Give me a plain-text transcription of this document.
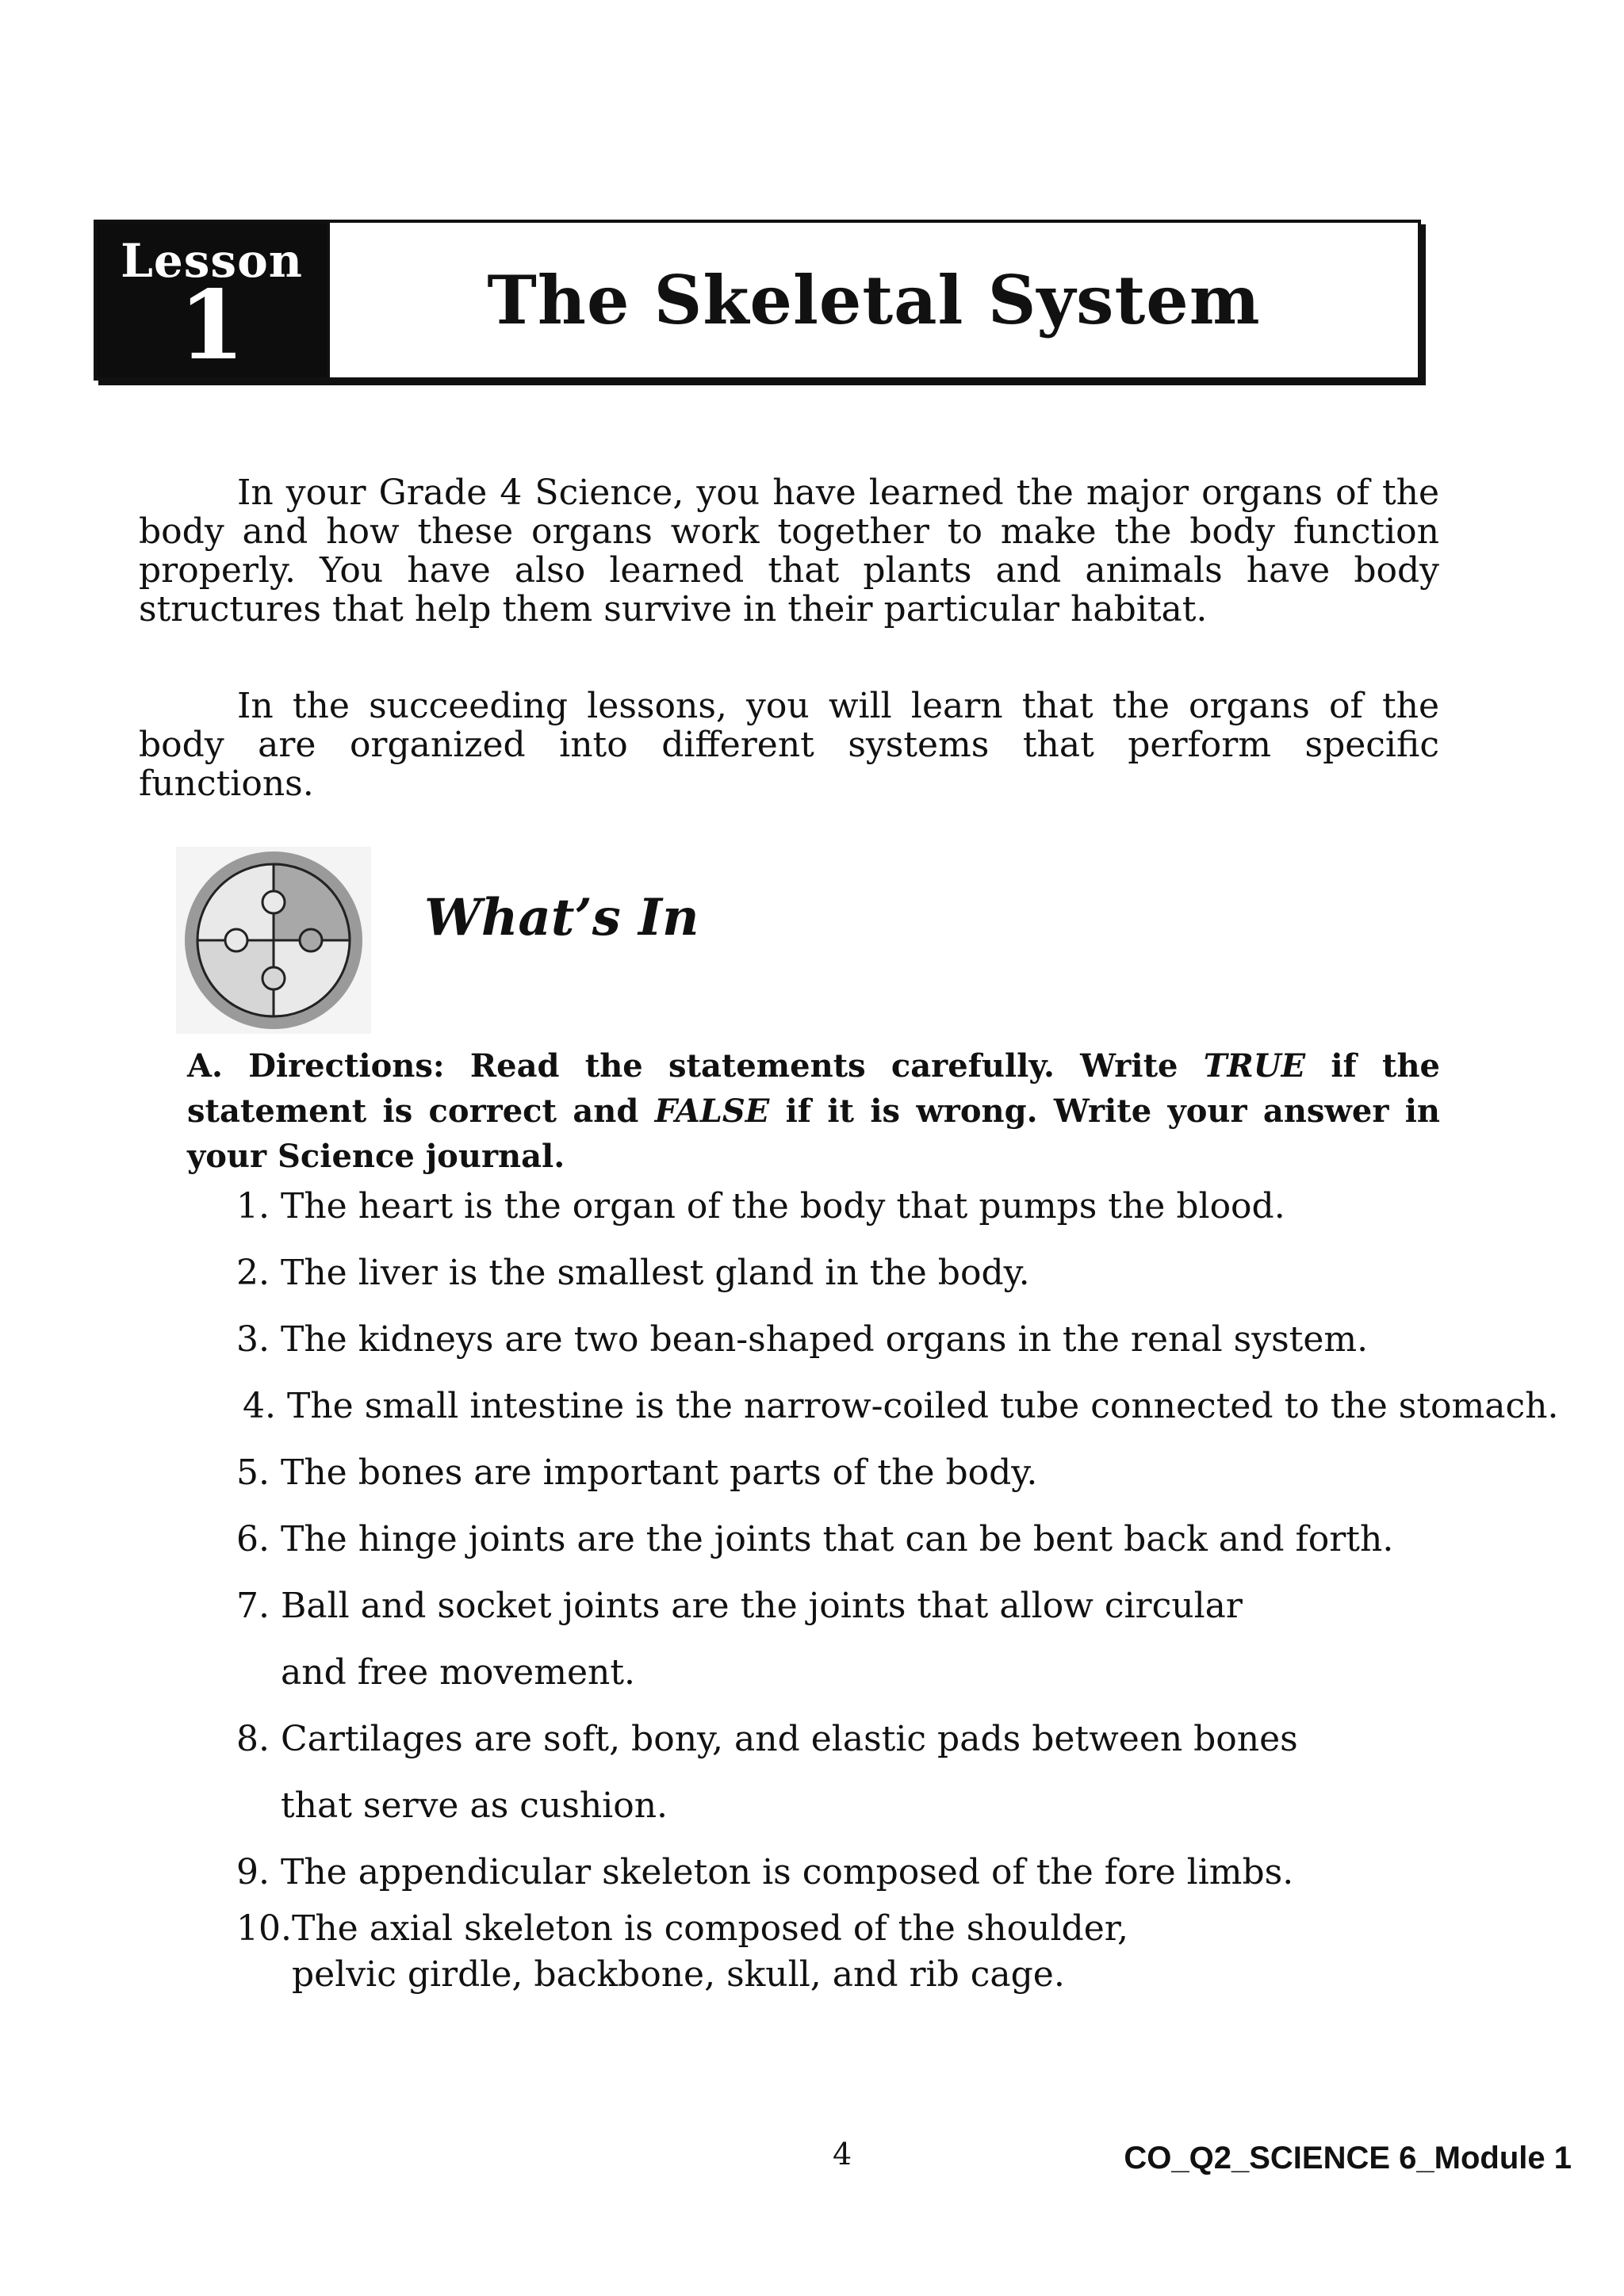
Lesson
1	The Skeletal System

In your Grade 4 Science, you have learned the major organs of the body and how these organs work together to make the body function properly. You have also learned that plants and animals have body structures that help them survive in their particular habitat.

In the succeeding lessons, you will learn that the organs of the body are organized into different systems that perform specific functions.

What’s In

A. Directions: Read the statements carefully. Write TRUE if the statement is correct and FALSE if it is wrong. Write your answer in your Science journal.

1. The heart is the organ of the body that pumps the blood.
2. The liver is the smallest gland in the body.
3. The kidneys are two bean-shaped organs in the renal system.
4. The small intestine is the narrow-coiled tube connected to the stomach.
5. The bones are important parts of the body.
6. The hinge joints are the joints that can be bent back and forth.
7. Ball and socket joints are the joints that allow circular
and free movement.
8. Cartilages are soft, bony, and elastic pads between bones
that serve as cushion.
9. The appendicular skeleton is composed of the fore limbs.
10.The axial skeleton is composed of the shoulder,
pelvic girdle, backbone, skull, and rib cage.
4	CO_Q2_SCIENCE 6_Module 1
